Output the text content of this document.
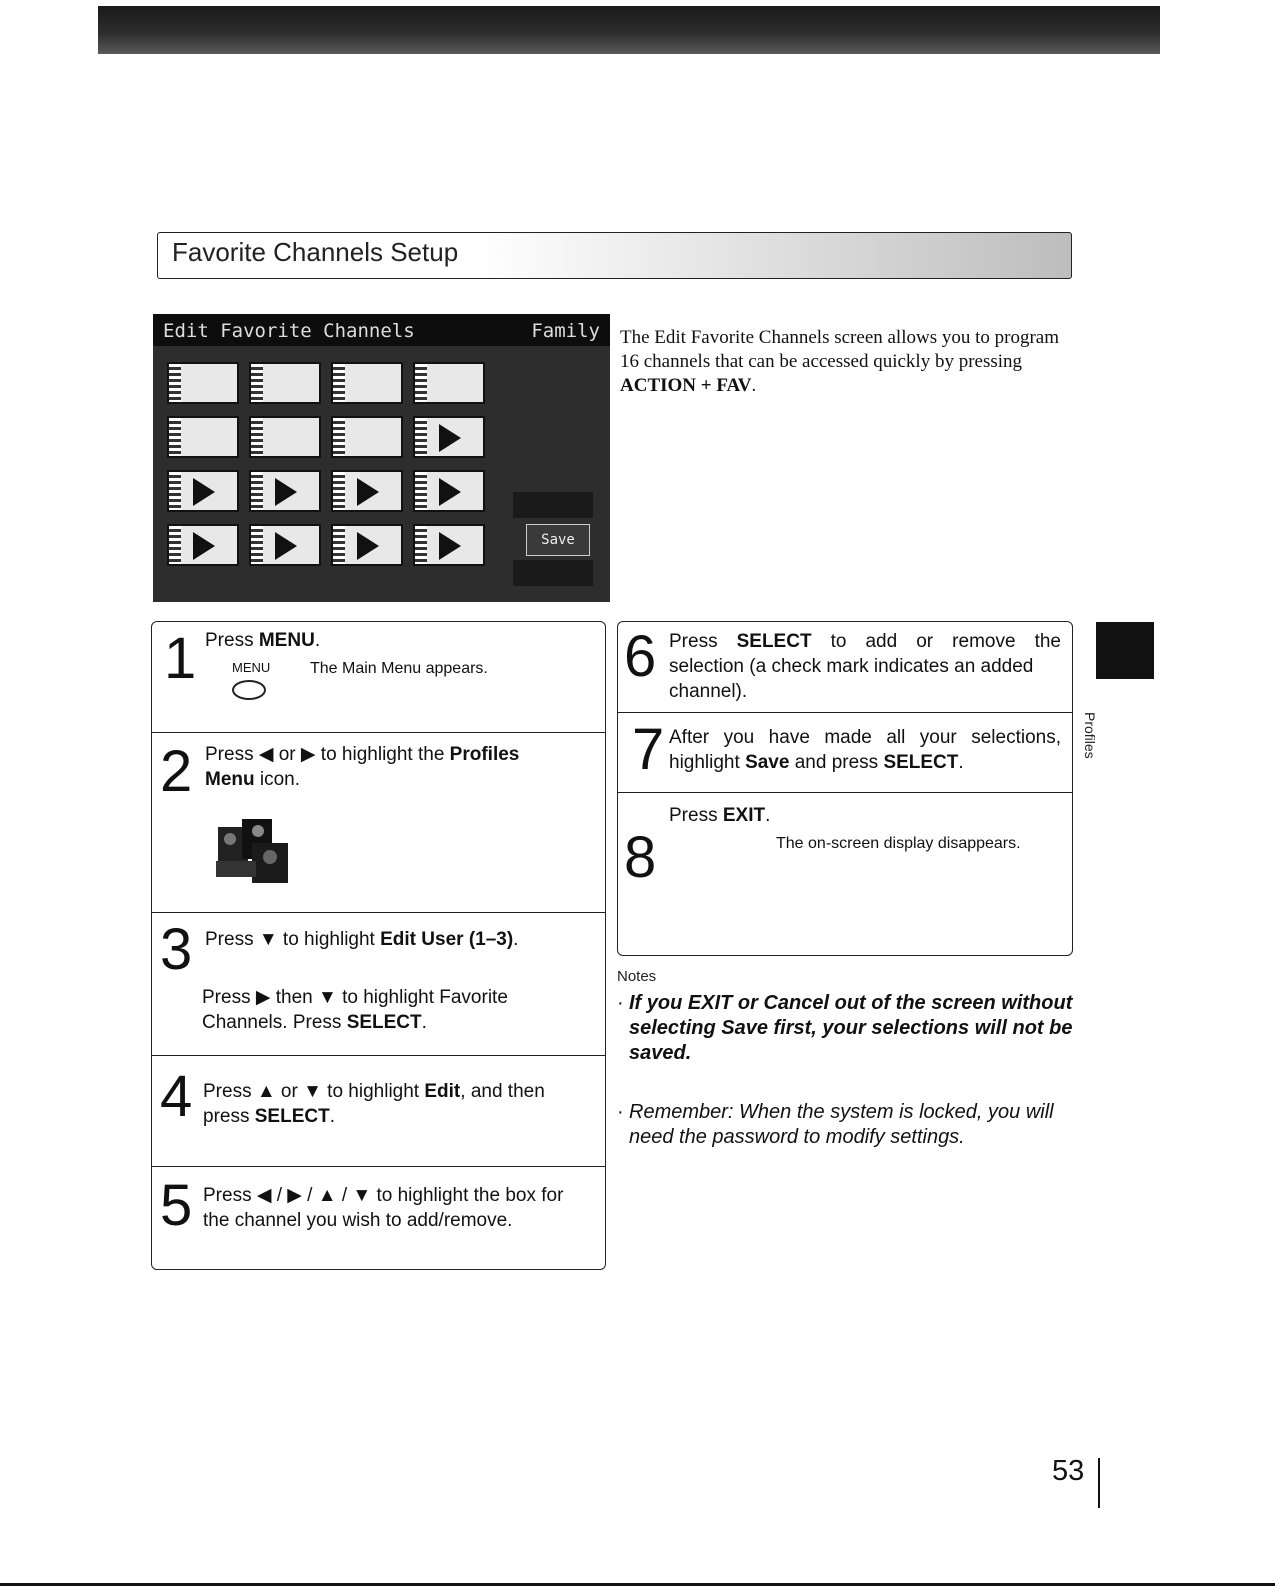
Favorite Channels Setup
Edit Favorite Channels	Family
Save
The Edit Favorite Channels screen allows you to program 16 channels that can be accessed quickly by pressing ACTION + FAV.
1 Press MENU.
MENU The Main Menu appears.
2 Press ◀ or ▶ to highlight the Profiles
Menu icon.
3 Press ▼ to highlight Edit User (1–3).
Press ▶ then ▼ to highlight Favorite
Channels. Press SELECT.
4 Press ▲ or ▼ to highlight Edit, and then
press SELECT.
5 Press ◀ / ▶ / ▲ / ▼ to highlight the box for
the channel you wish to add/remove.
6 Press SELECT to add or remove the
selection (a check mark indicates an added
channel).
7 After you have made all your selections,
highlight Save and press SELECT.
8
Press EXIT.
The on-screen display disappears.
Notes
· If you EXIT or Cancel out of the screen without selecting Save first, your selections will not be saved.
· Remember: When the system is locked, you will need the password to modify settings.
Profiles
53
